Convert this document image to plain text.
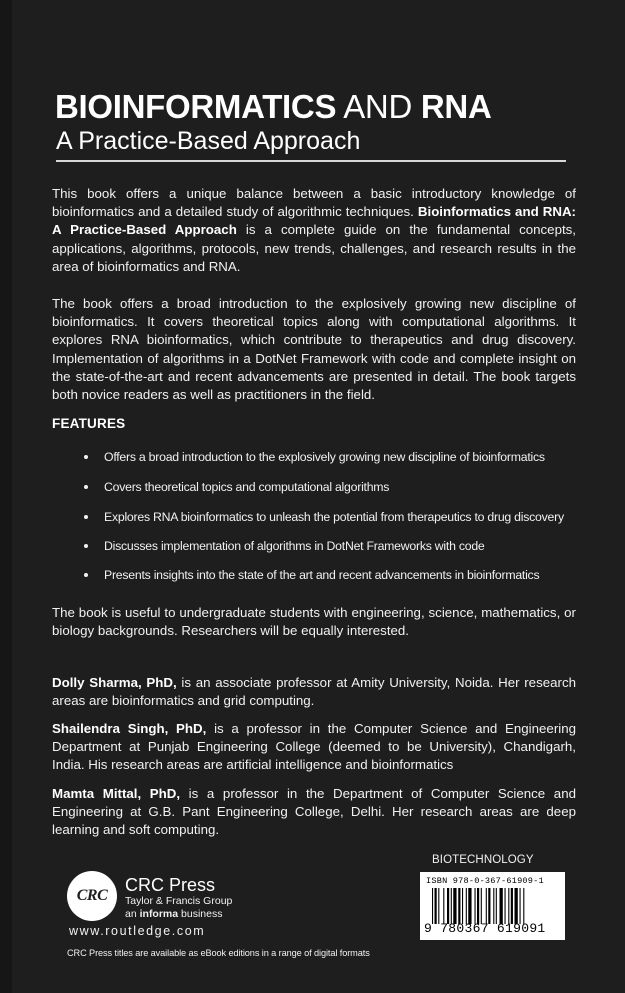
BIOINFORMATICS AND RNA
A Practice-Based Approach

This book offers a unique balance between a basic introductory knowledge of bioinformatics and a detailed study of algorithmic techniques. Bioinformatics and RNA: A Practice-Based Approach is a complete guide on the fundamental concepts, applications, algorithms, protocols, new trends, challenges, and research results in the area of bioinformatics and RNA.

The book offers a broad introduction to the explosively growing new discipline of bioinformatics. It covers theoretical topics along with computational algorithms. It explores RNA bioinformatics, which contribute to therapeutics and drug discovery. Implementation of algorithms in a DotNet Framework with code and complete insight on the state-of-the-art and recent advancements are presented in detail. The book targets both novice readers as well as practitioners in the field.

FEATURES
Offers a broad introduction to the explosively growing new discipline of bioinformatics
Covers theoretical topics and computational algorithms
Explores RNA bioinformatics to unleash the potential from therapeutics to drug discovery
Discusses implementation of algorithms in DotNet Frameworks with code
Presents insights into the state of the art and recent advancements in bioinformatics

The book is useful to undergraduate students with engineering, science, mathematics, or biology backgrounds. Researchers will be equally interested.

Dolly Sharma, PhD, is an associate professor at Amity University, Noida. Her research areas are bioinformatics and grid computing.

Shailendra Singh, PhD, is a professor in the Computer Science and Engineering Department at Punjab Engineering College (deemed to be University), Chandigarh, India. His research areas are artificial intelligence and bioinformatics

Mamta Mittal, PhD, is a professor in the Department of Computer Science and Engineering at G.B. Pant Engineering College, Delhi. Her research areas are deep learning and soft computing.

BIOTECHNOLOGY
ISBN 978-0-367-61909-1
9 780367 619091
CRC
CRC Press
Taylor & Francis Group
an informa business
www.routledge.com
CRC Press titles are available as eBook editions in a range of digital formats
